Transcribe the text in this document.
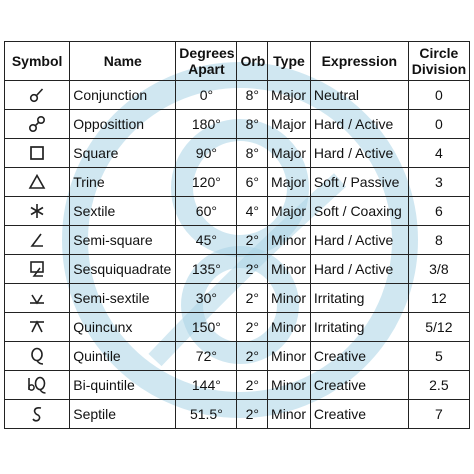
Symbol	Name	Degrees Apart	Orb	Type	Expression	Circle Division

	Conjunction	0°	8°	Major	Neutral	0

	Opposittion	180°	8°	Major	Hard / Active	0

	Square	90°	8°	Major	Hard / Active	4

	Trine	120°	6°	Major	Soft / Passive	3

	Sextile	60°	4°	Major	Soft / Coaxing	6

	Semi-square	45°	2°	Minor	Hard / Active	8

	Sesquiquadrate	135°	2°	Minor	Hard / Active	3/8

	Semi-sextile	30°	2°	Minor	Irritating	12

	Quincunx	150°	2°	Minor	Irritating	5/12

	Quintile	72°	2°	Minor	Creative	5

	Bi-quintile	144°	2°	Minor	Creative	2.5

	Septile	51.5°	2°	Minor	Creative	7
